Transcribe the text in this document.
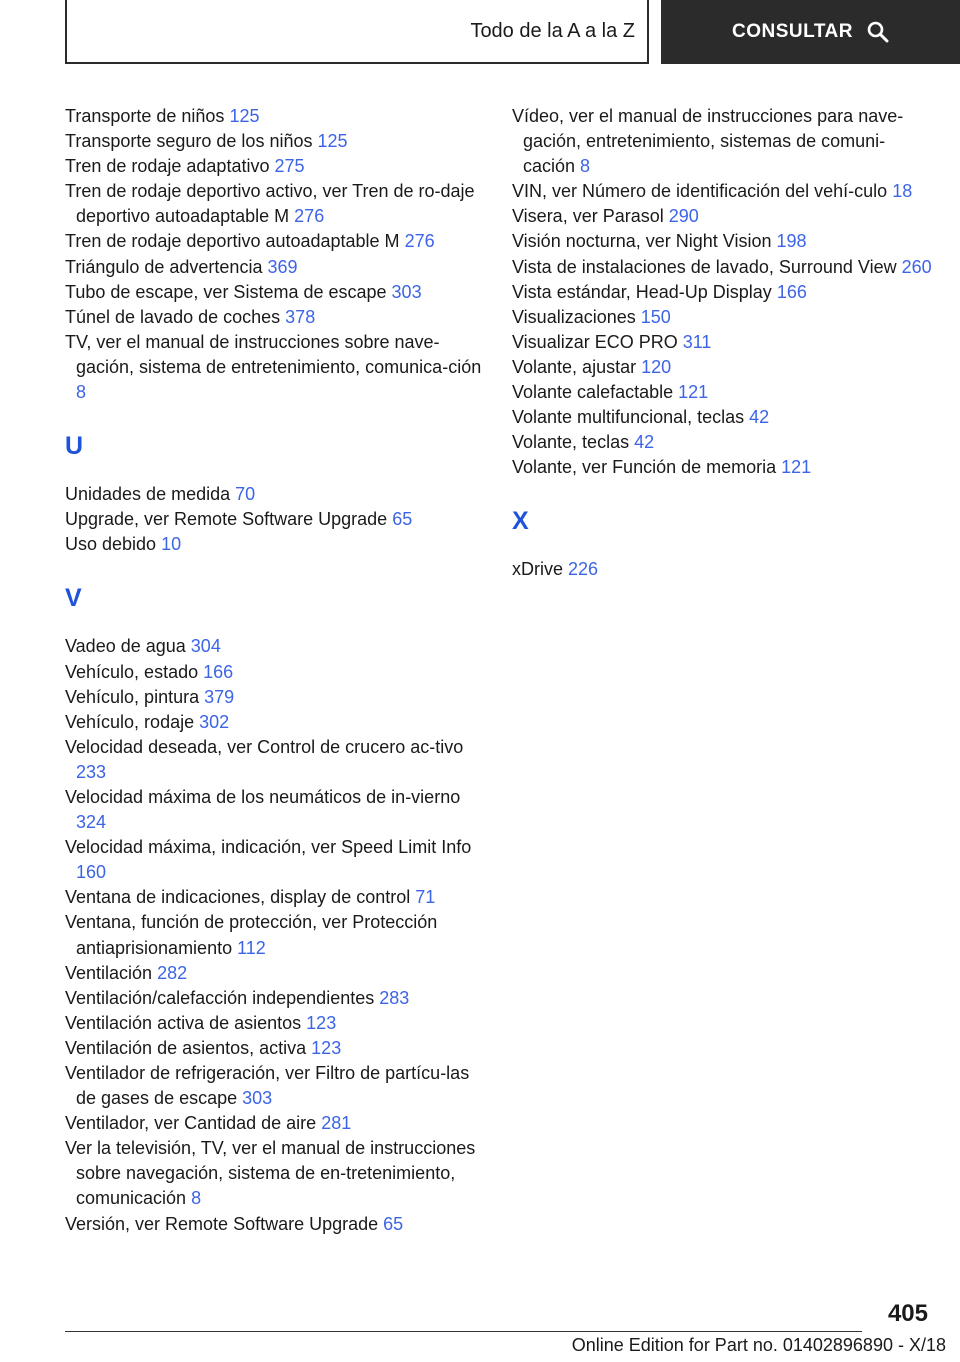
Todo de la A a la Z	CONSULTAR
Transporte de niños 125
Transporte seguro de los niños 125
Tren de rodaje adaptativo 275
Tren de rodaje deportivo activo, ver Tren de ro-daje deportivo autoadaptable M 276
Tren de rodaje deportivo autoadaptable M 276
Triángulo de advertencia 369
Tubo de escape, ver Sistema de escape 303
Túnel de lavado de coches 378
TV, ver el manual de instrucciones sobre nave-gación, sistema de entretenimiento, comunica-ción 8
U
Unidades de medida 70
Upgrade, ver Remote Software Upgrade 65
Uso debido 10
V
Vadeo de agua 304
Vehículo, estado 166
Vehículo, pintura 379
Vehículo, rodaje 302
Velocidad deseada, ver Control de crucero ac-tivo 233
Velocidad máxima de los neumáticos de in-vierno 324
Velocidad máxima, indicación, ver Speed Limit Info 160
Ventana de indicaciones, display de control 71
Ventana, función de protección, ver Protección antiaprisionamiento 112
Ventilación 282
Ventilación/calefacción independientes 283
Ventilación activa de asientos 123
Ventilación de asientos, activa 123
Ventilador de refrigeración, ver Filtro de partícu-las de gases de escape 303
Ventilador, ver Cantidad de aire 281
Ver la televisión, TV, ver el manual de instrucciones sobre navegación, sistema de en-tretenimiento, comunicación 8
Versión, ver Remote Software Upgrade 65
Vídeo, ver el manual de instrucciones para nave-gación, entretenimiento, sistemas de comuni-cación 8
VIN, ver Número de identificación del vehí-culo 18
Visera, ver Parasol 290
Visión nocturna, ver Night Vision 198
Vista de instalaciones de lavado, Surround View 260
Vista estándar, Head-Up Display 166
Visualizaciones 150
Visualizar ECO PRO 311
Volante, ajustar 120
Volante calefactable 121
Volante multifuncional, teclas 42
Volante, teclas 42
Volante, ver Función de memoria 121
X
xDrive 226
405
Online Edition for Part no. 01402896890 - X/18
